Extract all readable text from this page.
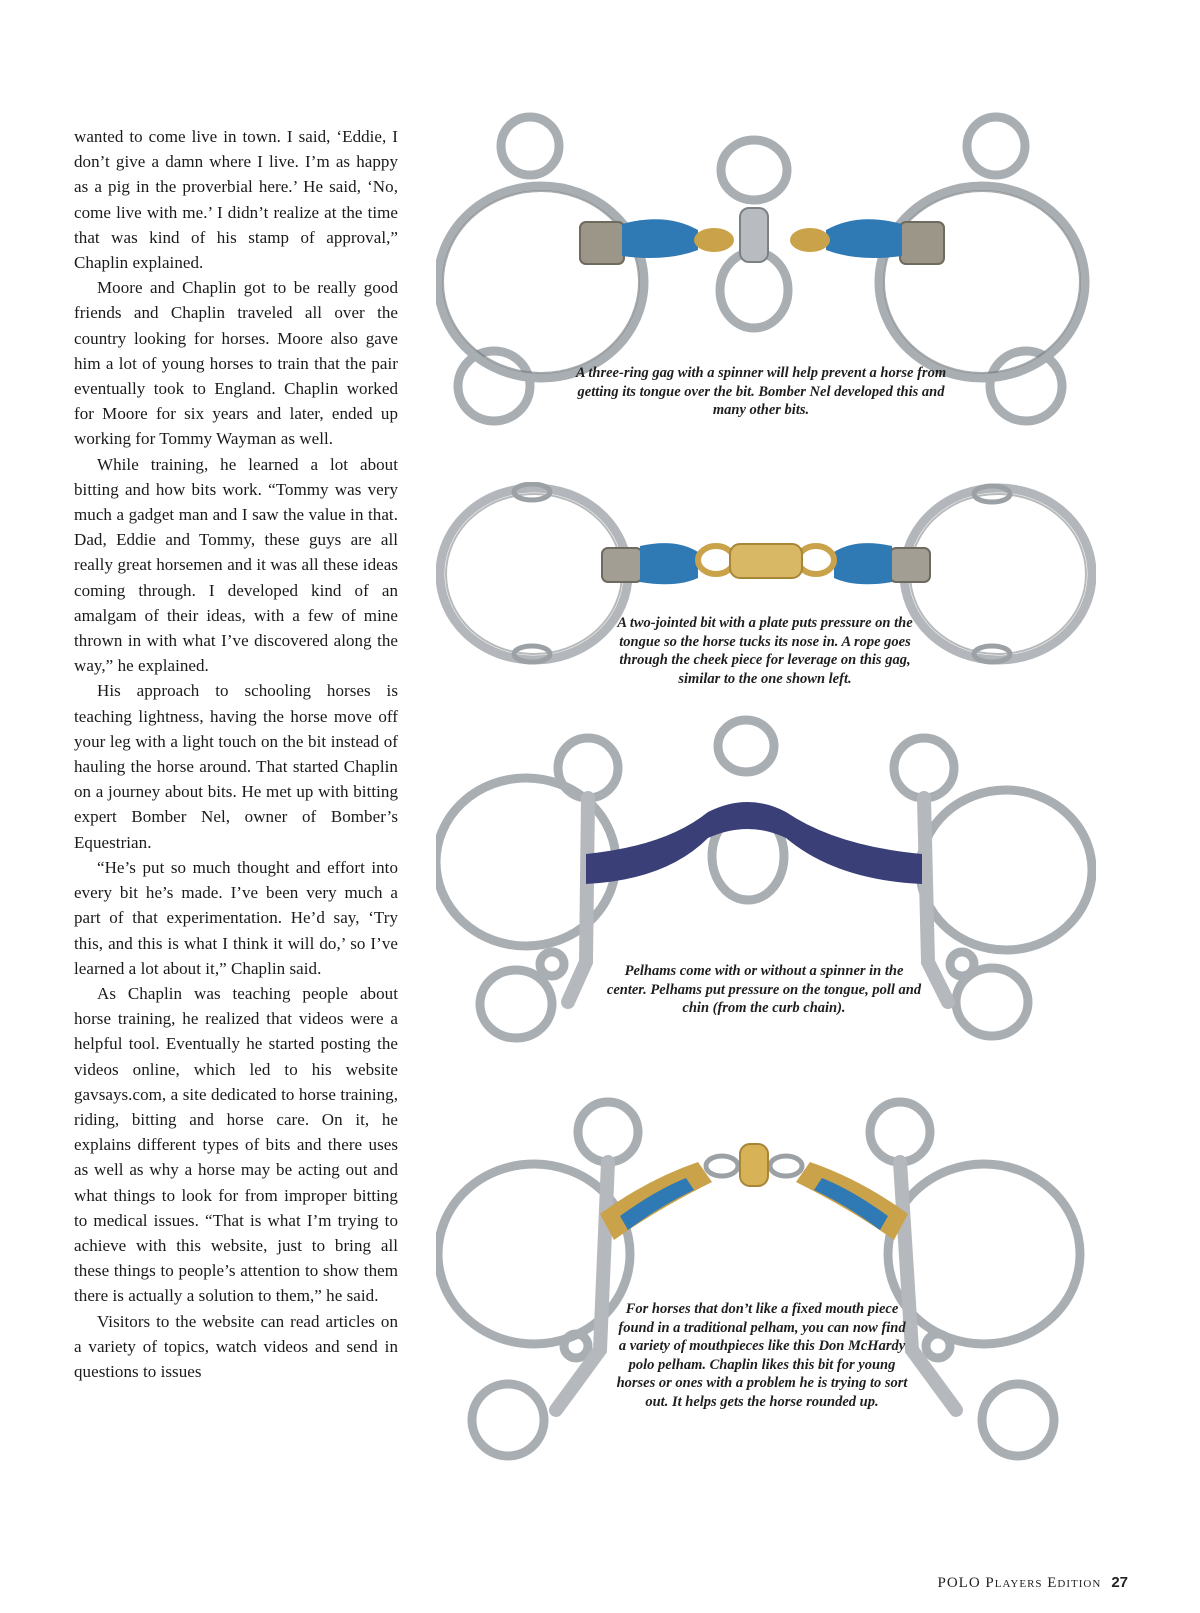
wanted to come live in town. I said, ‘Eddie, I don’t give a damn where I live. I’m as happy as a pig in the proverbial here.’ He said, ‘No, come live with me.’ I didn’t realize at the time that was kind of his stamp of approval,” Chaplin explained.

Moore and Chaplin got to be really good friends and Chaplin traveled all over the country looking for horses. Moore also gave him a lot of young horses to train that the pair eventually took to England. Chaplin worked for Moore for six years and later, ended up working for Tommy Wayman as well.

While training, he learned a lot about bitting and how bits work. “Tommy was very much a gadget man and I saw the value in that. Dad, Eddie and Tommy, these guys are all really great horsemen and it was all these ideas coming through. I developed kind of an amalgam of their ideas, with a few of mine thrown in with what I’ve discovered along the way,” he explained.

His approach to schooling horses is teaching lightness, having the horse move off your leg with a light touch on the bit instead of hauling the horse around. That started Chaplin on a journey about bits. He met up with bitting expert Bomber Nel, owner of Bomber’s Equestrian.

“He’s put so much thought and effort into every bit he’s made. I’ve been very much a part of that experimentation. He’d say, ‘Try this, and this is what I think it will do,’ so I’ve learned a lot about it,” Chaplin said.

As Chaplin was teaching people about horse training, he realized that videos were a helpful tool. Eventually he started posting the videos online, which led to his website gavsays.com, a site dedicated to horse training, riding, bitting and horse care. On it, he explains different types of bits and there uses as well as why a horse may be acting out and what things to look for from improper bitting to medical issues. “That is what I’m trying to achieve with this website, just to bring all these things to people’s attention to show them there is actually a solution to them,” he said.

Visitors to the website can read articles on a variety of topics, watch videos and send in questions to issues

A three-ring gag with a spinner will help prevent a horse from getting its tongue over the bit. Bomber Nel developed this and many other bits.
A two-jointed bit with a plate puts pressure on the tongue so the horse tucks its nose in. A rope goes through the cheek piece for leverage on this gag, similar to the one shown left.
Pelhams come with or without a spinner in the center. Pelhams put pressure on the tongue, poll and chin (from the curb chain).
For horses that don’t like a fixed mouth piece found in a traditional pelham, you can now find a variety of mouthpieces like this Don McHardy polo pelham. Chaplin likes this bit for young horses or ones with a problem he is trying to sort out. It helps gets the horse rounded up.
POLO Players Edition 27
